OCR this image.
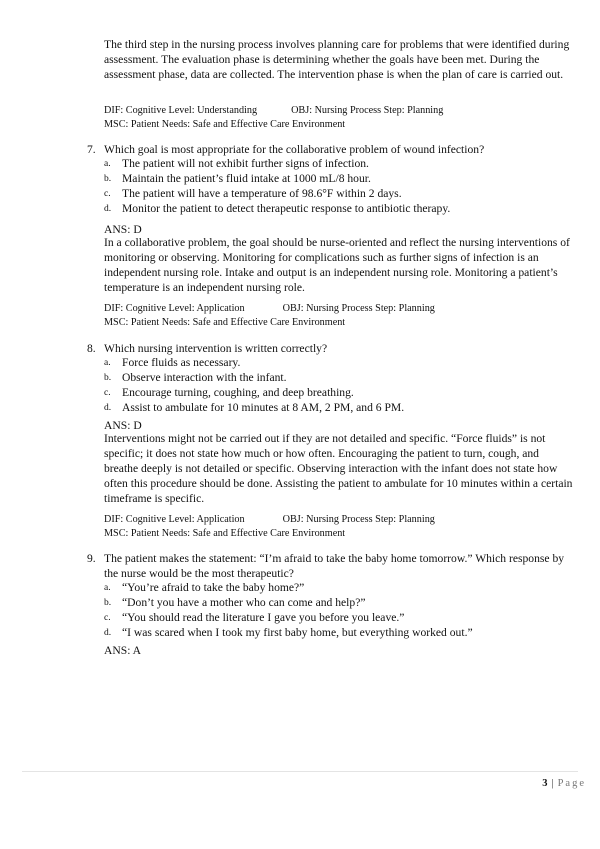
The third step in the nursing process involves planning care for problems that were identified during assessment. The evaluation phase is determining whether the goals have been met. During the assessment phase, data are collected. The intervention phase is when the plan of care is carried out.

DIF: Cognitive Level: Understanding	OBJ: Nursing Process Step: Planning
MSC: Patient Needs: Safe and Effective Care Environment
7. Which goal is most appropriate for the collaborative problem of wound infection?
a. The patient will not exhibit further signs of infection.
b. Maintain the patient’s fluid intake at 1000 mL/8 hour.
c. The patient will have a temperature of 98.6°F within 2 days.
d. Monitor the patient to detect therapeutic response to antibiotic therapy.
ANS: D

In a collaborative problem, the goal should be nurse-oriented and reflect the nursing interventions of monitoring or observing. Monitoring for complications such as further signs of infection is an independent nursing role. Intake and output is an independent nursing role. Monitoring a patient’s temperature is an independent nursing role.

DIF: Cognitive Level: Application	OBJ: Nursing Process Step: Planning
MSC: Patient Needs: Safe and Effective Care Environment
8. Which nursing intervention is written correctly?
a. Force fluids as necessary.
b. Observe interaction with the infant.
c. Encourage turning, coughing, and deep breathing.
d. Assist to ambulate for 10 minutes at 8 AM, 2 PM, and 6 PM.
ANS: D

Interventions might not be carried out if they are not detailed and specific. “Force fluids” is not specific; it does not state how much or how often. Encouraging the patient to turn, cough, and breathe deeply is not detailed or specific. Observing interaction with the infant does not state how often this procedure should be done. Assisting the patient to ambulate for 10 minutes within a certain timeframe is specific.

DIF: Cognitive Level: Application	OBJ: Nursing Process Step: Planning
MSC: Patient Needs: Safe and Effective Care Environment
9. The patient makes the statement: “I’m afraid to take the baby home tomorrow.” Which response by the nurse would be the most therapeutic?
a. “You’re afraid to take the baby home?”
b. “Don’t you have a mother who can come and help?”
c. “You should read the literature I gave you before you leave.”
d. “I was scared when I took my first baby home, but everything worked out.”
ANS: A
3 | Page
